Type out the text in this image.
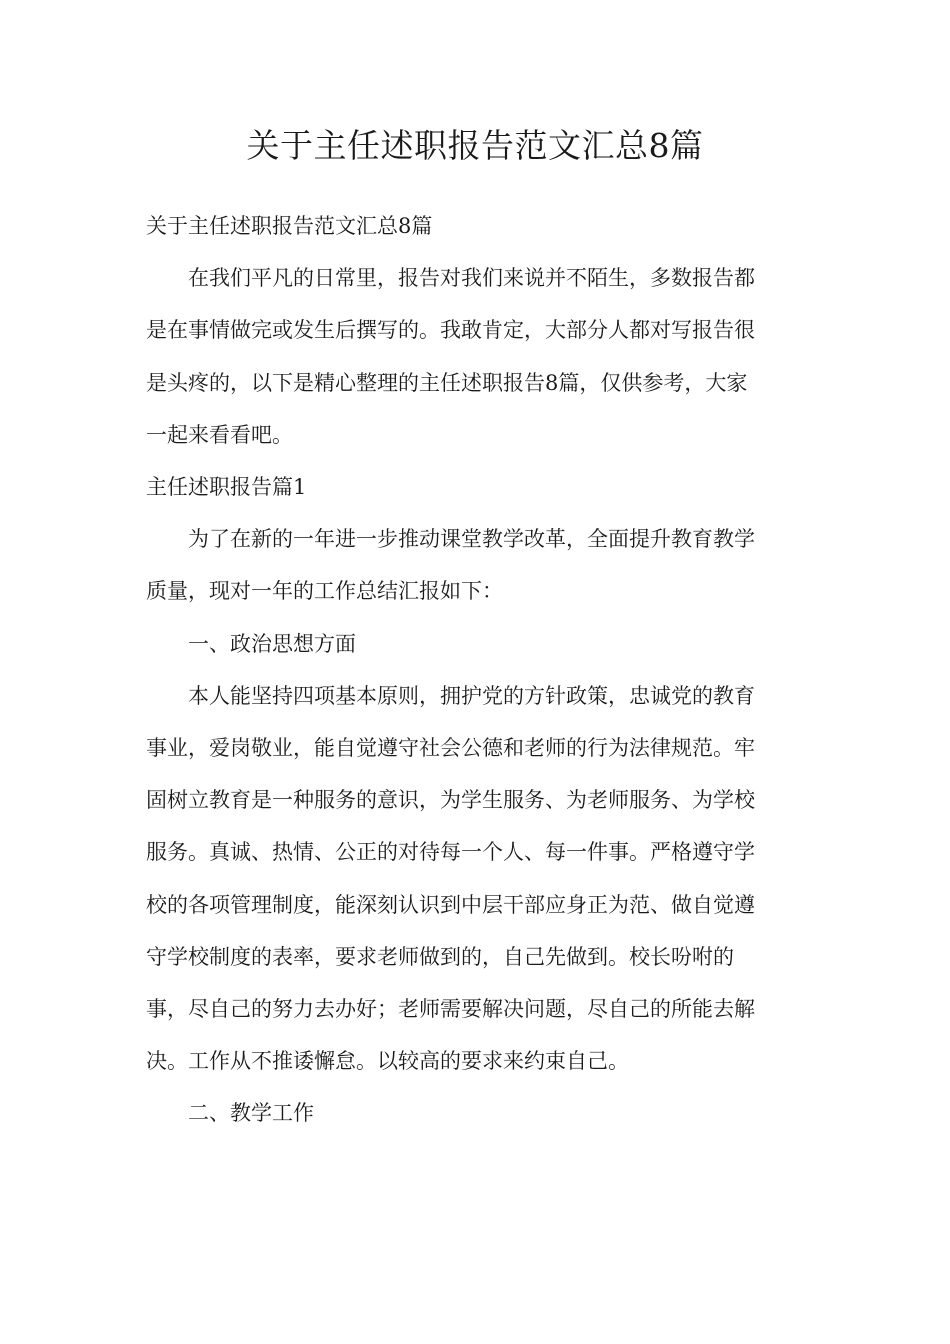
关于主任述职报告范文汇总8篇

关于主任述职报告范文汇总8篇

在我们平凡的日常里，报告对我们来说并不陌生，多数报告都

是在事情做完或发生后撰写的。我敢肯定，大部分人都对写报告很

是头疼的，以下是精心整理的主任述职报告8篇，仅供参考，大家

一起来看看吧。

主任述职报告篇1

为了在新的一年进一步推动课堂教学改革，全面提升教育教学

质量，现对一年的工作总结汇报如下：

一、政治思想方面

本人能坚持四项基本原则，拥护党的方针政策，忠诚党的教育

事业，爱岗敬业，能自觉遵守社会公德和老师的行为法律规范。牢

固树立教育是一种服务的意识，为学生服务、为老师服务、为学校

服务。真诚、热情、公正的对待每一个人、每一件事。严格遵守学

校的各项管理制度，能深刻认识到中层干部应身正为范、做自觉遵

守学校制度的表率，要求老师做到的，自己先做到。校长吩咐的

事，尽自己的努力去办好；老师需要解决问题，尽自己的所能去解

决。工作从不推诿懈怠。以较高的要求来约束自己。

二、教学工作
